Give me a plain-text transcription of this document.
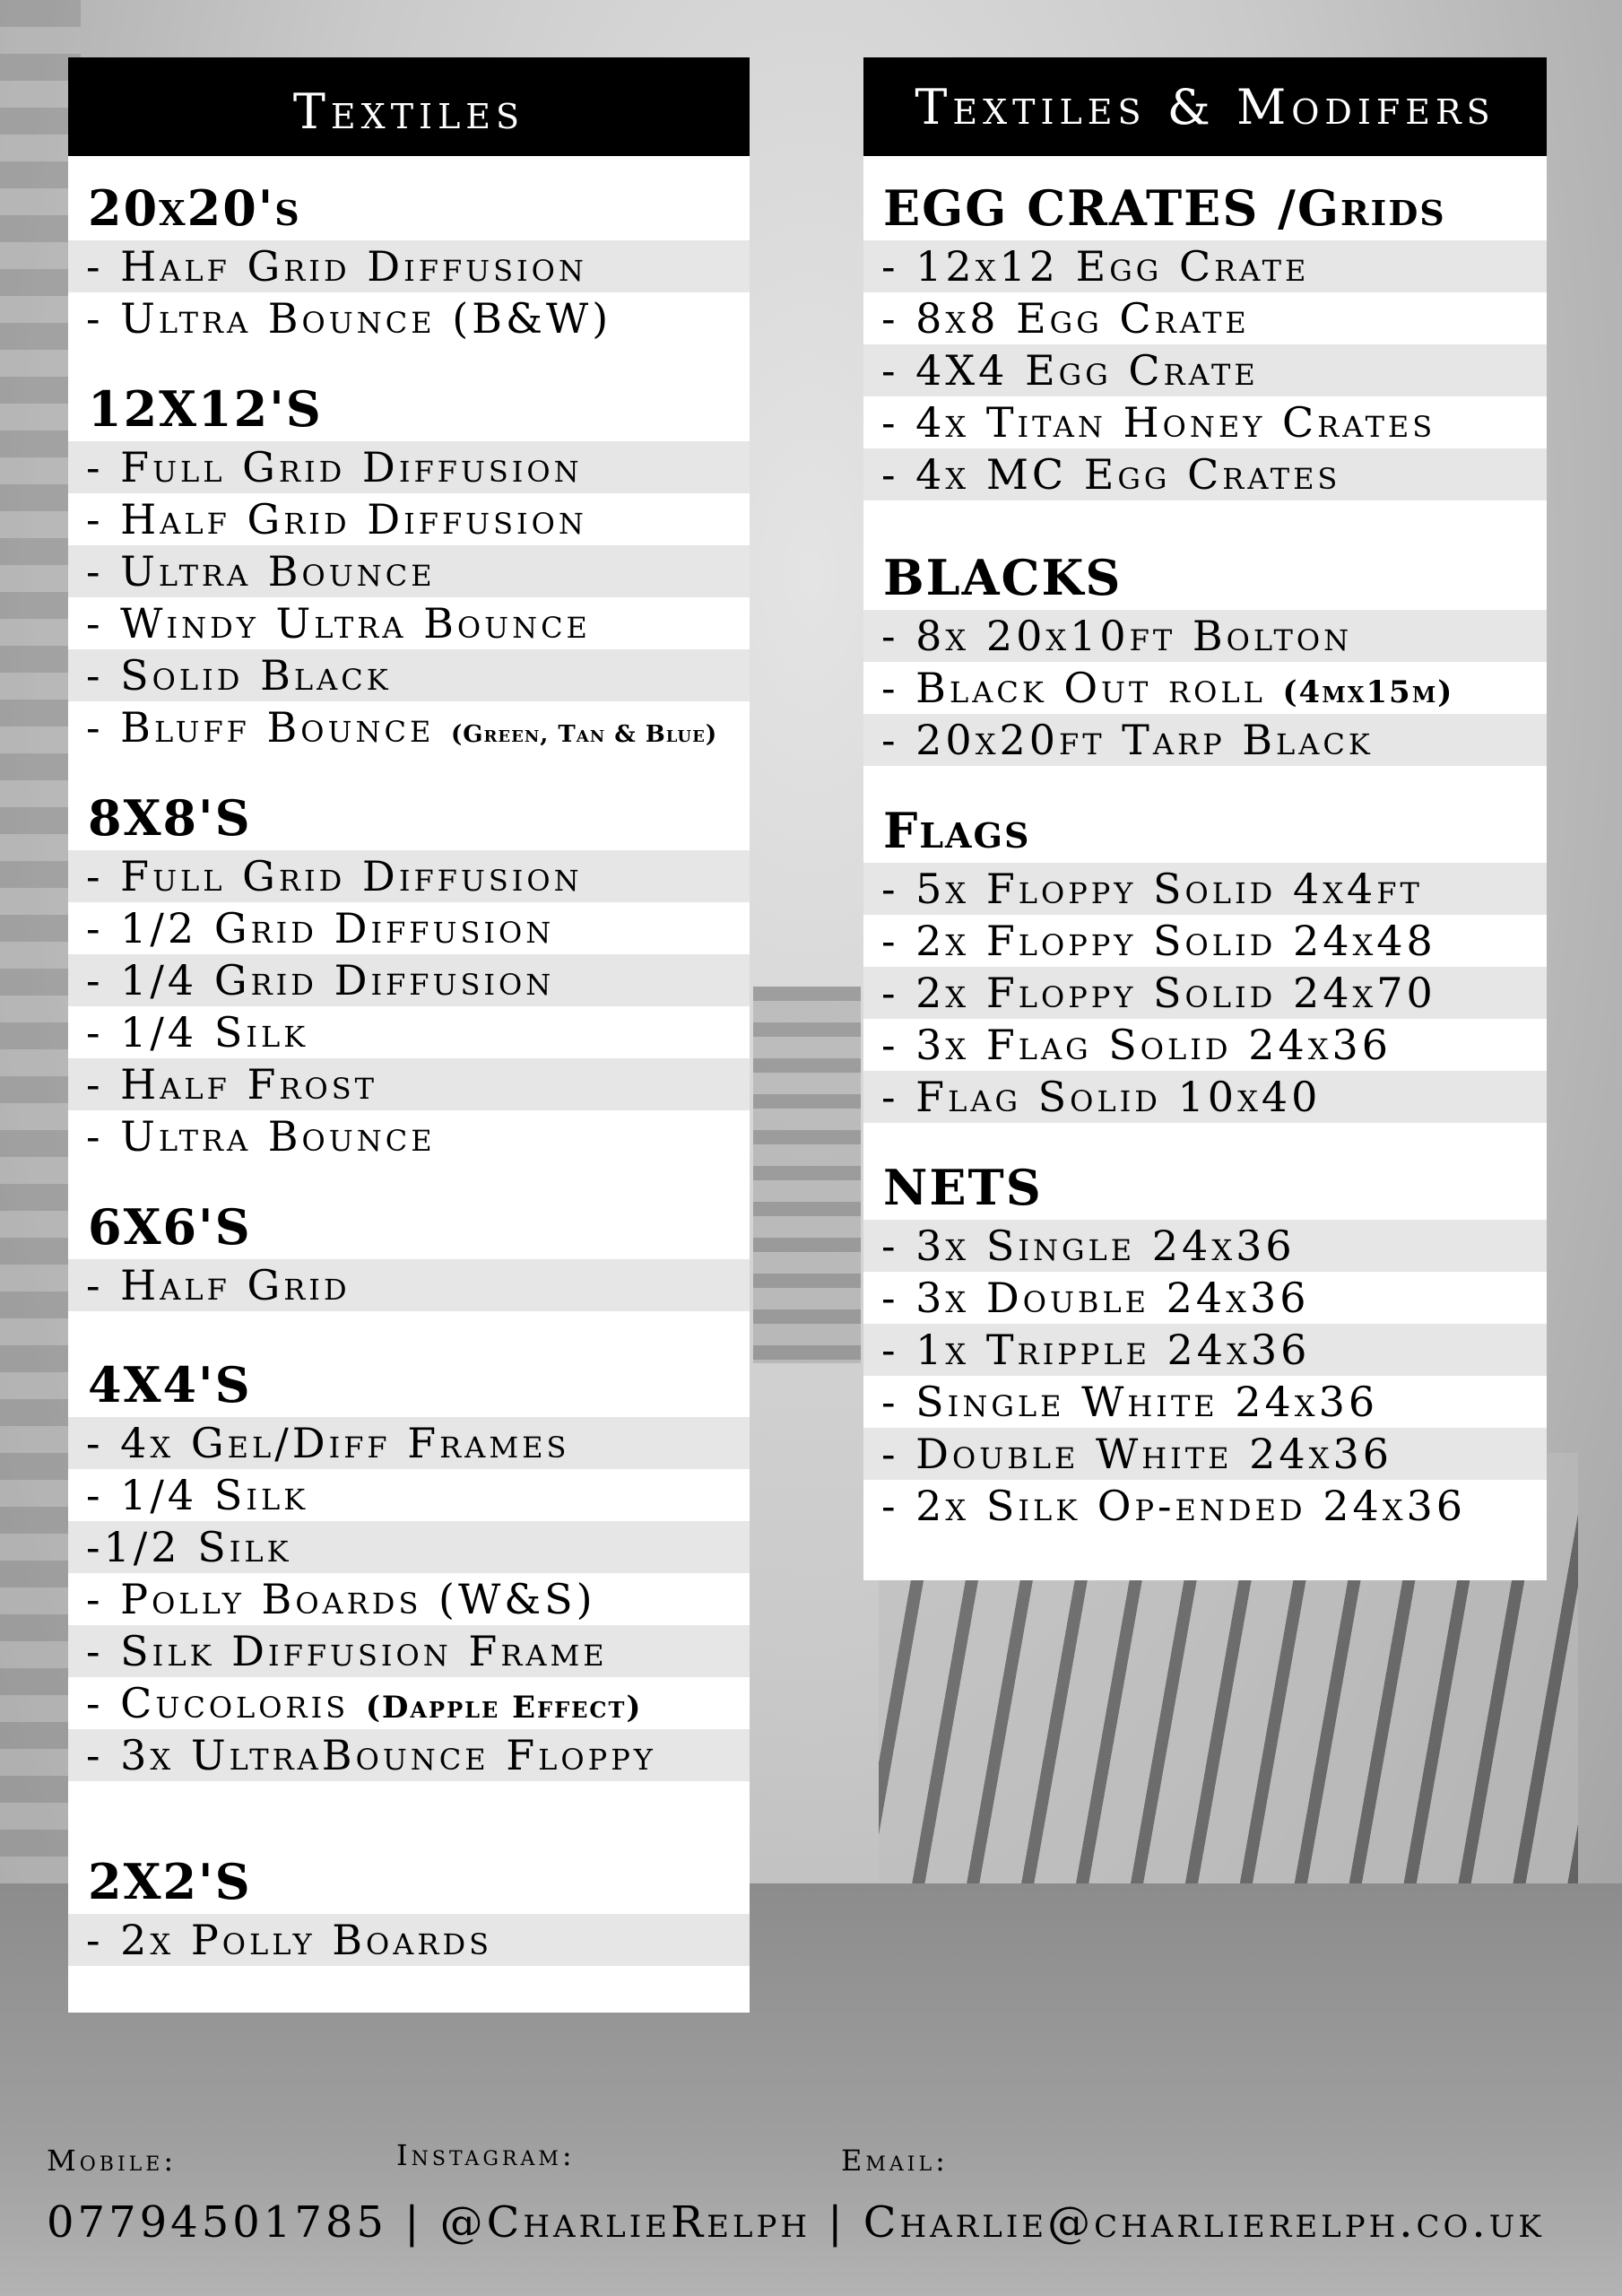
Textiles
20x20's
- Half Grid Diffusion
- Ultra Bounce (B&W)
12X12'S
- Full Grid Diffusion
- Half Grid Diffusion
- Ultra Bounce
- Windy Ultra Bounce
- Solid Black
- Bluff Bounce (Green, Tan & Blue)
8X8'S
- Full Grid Diffusion
- 1/2 Grid Diffusion
- 1/4 Grid Diffusion
- 1/4 Silk
- Half Frost
- Ultra Bounce
6X6'S
- Half Grid
4X4'S
- 4x Gel/Diff Frames
- 1/4 Silk
-1/2 Silk
- Polly Boards (W&S)
- Silk Diffusion Frame
- Cucoloris (Dapple Effect)
- 3x UltraBounce Floppy
2X2'S
- 2x Polly Boards
Textiles & Modifers
EGG CRATES /Grids
- 12x12 Egg Crate
- 8x8 Egg Crate
- 4X4 Egg Crate
- 4x Titan Honey Crates
- 4x MC Egg Crates
BLACKS
- 8x 20x10ft Bolton
- Black Out roll (4mx15m)
- 20x20ft Tarp Black
Flags
- 5x Floppy Solid 4x4ft
- 2x Floppy Solid 24x48
- 2x Floppy Solid 24x70
- 3x Flag Solid 24x36
- Flag Solid 10x40
NETS
- 3x Single 24x36
- 3x Double 24x36
- 1x Tripple 24x36
- Single White 24x36
- Double White 24x36
- 2x Silk Op-ended 24x36
Mobile:	Instagram:	Email:
07794501785 | @CharlieRelph | Charlie@charlierelph.co.uk
